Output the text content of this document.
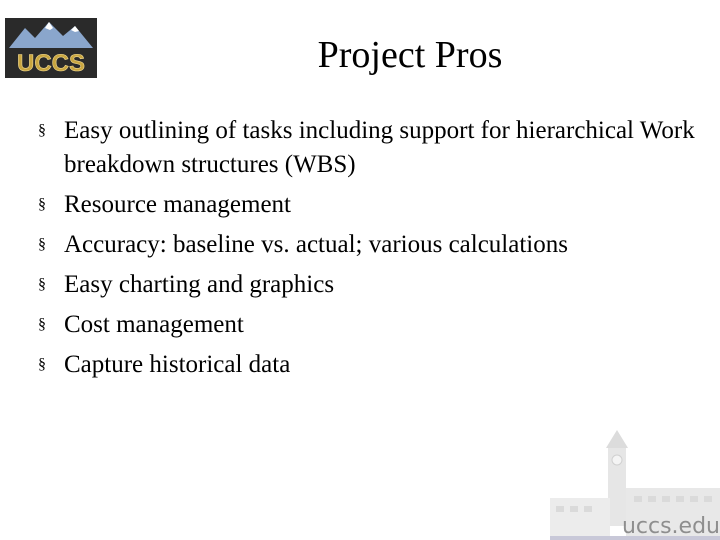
UCCS	Project Pros
§ Easy outlining of tasks including support for hierarchical Work breakdown structures (WBS)
§ Resource management
§ Accuracy: baseline vs. actual; various calculations
§ Easy charting and graphics
§ Cost management
§ Capture historical data
uccs.edu
